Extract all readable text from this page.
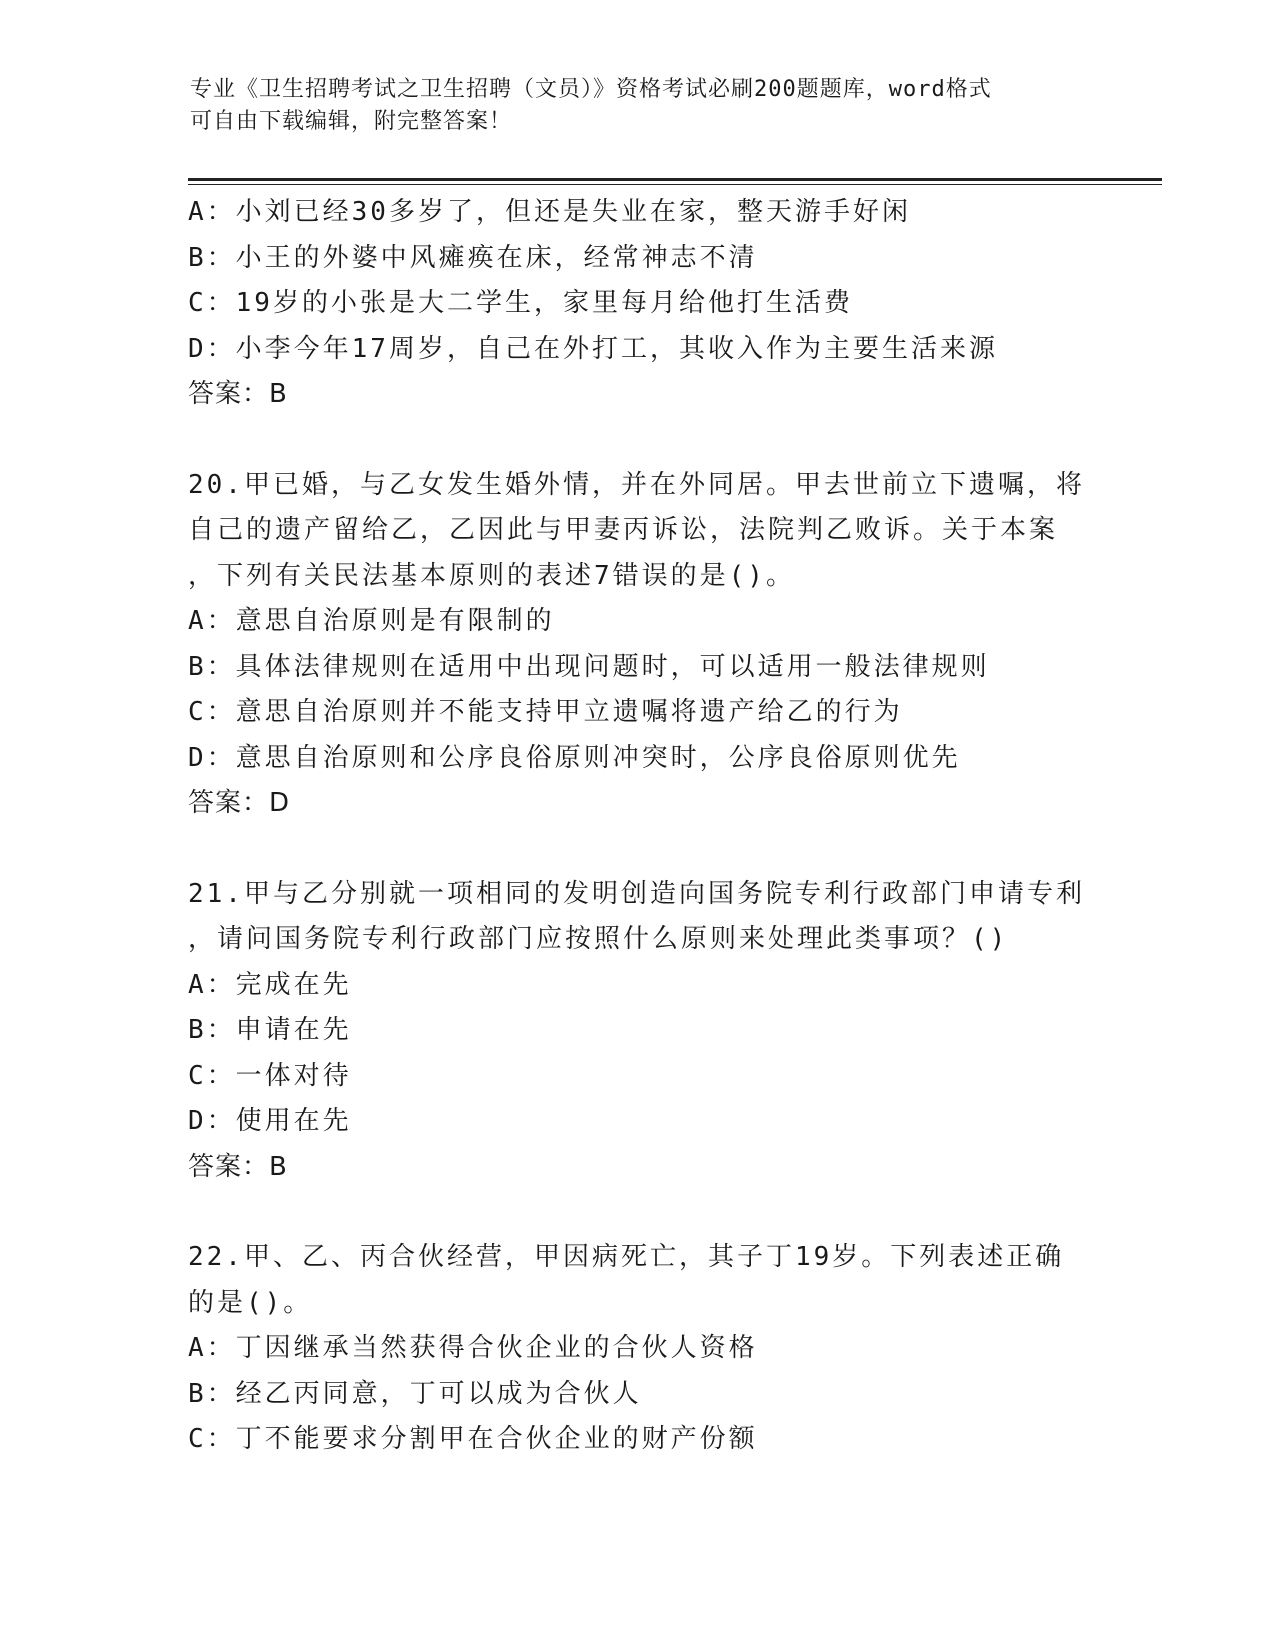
专业《卫生招聘考试之卫生招聘（文员）》资格考试必刷200题题库，word格式
可自由下载编辑，附完整答案！
A：小刘已经30多岁了，但还是失业在家，整天游手好闲
B：小王的外婆中风瘫痪在床，经常神志不清
C：19岁的小张是大二学生，家里每月给他打生活费
D：小李今年17周岁，自己在外打工，其收入作为主要生活来源
答案：B
20.甲已婚，与乙女发生婚外情，并在外同居。甲去世前立下遗嘱，将
自己的遗产留给乙，乙因此与甲妻丙诉讼，法院判乙败诉。关于本案
，下列有关民法基本原则的表述7错误的是()。
A：意思自治原则是有限制的
B：具体法律规则在适用中出现问题时，可以适用一般法律规则
C：意思自治原则并不能支持甲立遗嘱将遗产给乙的行为
D：意思自治原则和公序良俗原则冲突时，公序良俗原则优先
答案：D
21.甲与乙分别就一项相同的发明创造向国务院专利行政部门申请专利
，请问国务院专利行政部门应按照什么原则来处理此类事项？()
A：完成在先
B：申请在先
C：一体对待
D：使用在先
答案：B
22.甲、乙、丙合伙经营，甲因病死亡，其子丁19岁。下列表述正确
的是()。
A：丁因继承当然获得合伙企业的合伙人资格
B：经乙丙同意，丁可以成为合伙人
C：丁不能要求分割甲在合伙企业的财产份额
